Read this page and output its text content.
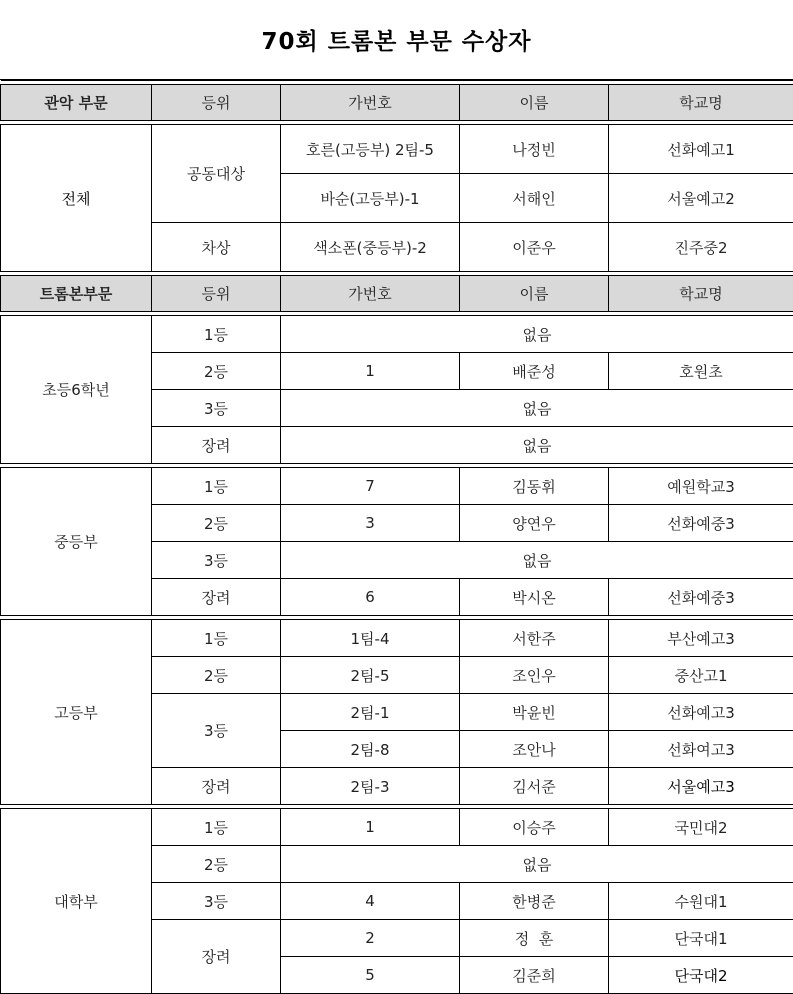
70회 트롬본 부문 수상자

관악 부문	등위	가번호	이름	학교명

전체	공동대상	호른(고등부) 2팀-5	나정빈	선화예고1
		바순(고등부)-1	서해인	서울예고2
	차상	색소폰(중등부)-2	이준우	진주중2

트롬본부문	등위	가번호	이름	학교명

초등6학년	1등	없음		
	2등	1	배준성	호원초
	3등	없음		
	장려	없음		

중등부	1등	7	김동휘	예원학교3
	2등	3	양연우	선화예중3
	3등	없음		
	장려	6	박시온	선화예중3

고등부	1등	1팀-4	서한주	부산예고3
	2등	2팀-5	조인우	중산고1
	3등	2팀-1	박윤빈	선화예고3
		2팀-8	조안나	선화여고3
	장려	2팀-3	김서준	서울예고3

대학부	1등	1	이승주	국민대2
	2등	없음		
	3등	4	한병준	수원대1
	장려	2	정  훈	단국대1
		5	김준희	단국대2
